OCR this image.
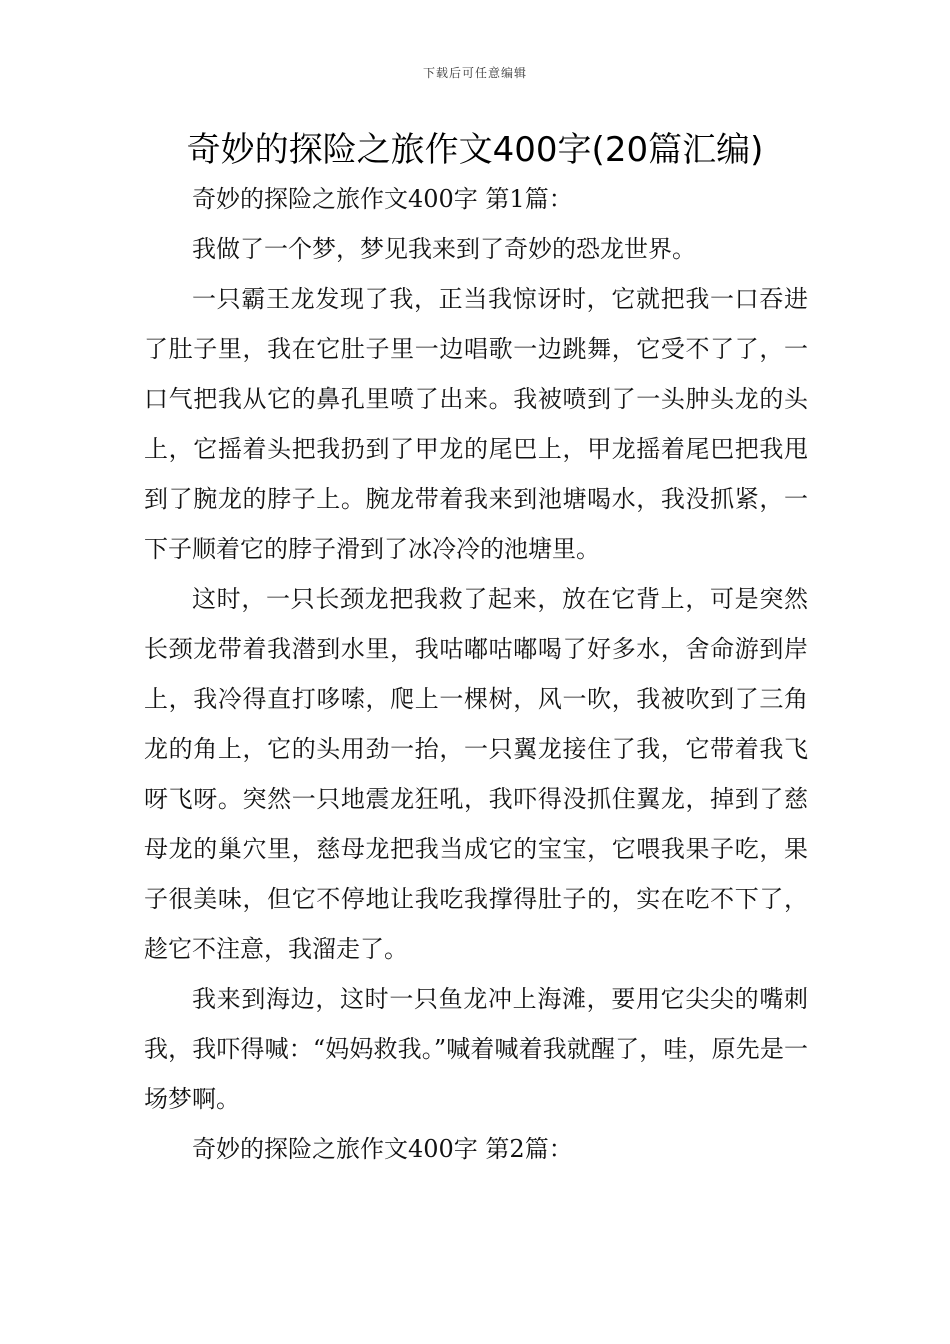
下载后可任意编辑
奇妙的探险之旅作文400字(20篇汇编)

奇妙的探险之旅作文400字 第1篇：

我做了一个梦，梦见我来到了奇妙的恐龙世界。

一只霸王龙发现了我，正当我惊讶时，它就把我一口吞进了肚子里，我在它肚子里一边唱歌一边跳舞，它受不了了，一口气把我从它的鼻孔里喷了出来。我被喷到了一头肿头龙的头上，它摇着头把我扔到了甲龙的尾巴上，甲龙摇着尾巴把我甩到了腕龙的脖子上。腕龙带着我来到池塘喝水，我没抓紧，一下子顺着它的脖子滑到了冰冷冷的池塘里。

这时，一只长颈龙把我救了起来，放在它背上，可是突然长颈龙带着我潜到水里，我咕嘟咕嘟喝了好多水，舍命游到岸上，我冷得直打哆嗦，爬上一棵树，风一吹，我被吹到了三角龙的角上，它的头用劲一抬，一只翼龙接住了我，它带着我飞呀飞呀。突然一只地震龙狂吼，我吓得没抓住翼龙，掉到了慈母龙的巢穴里，慈母龙把我当成它的宝宝，它喂我果子吃，果子很美味，但它不停地让我吃我撑得肚子的，实在吃不下了，趁它不注意，我溜走了。

我来到海边，这时一只鱼龙冲上海滩，要用它尖尖的嘴刺我，我吓得喊：“妈妈救我。”喊着喊着我就醒了，哇，原先是一场梦啊。

奇妙的探险之旅作文400字 第2篇：
